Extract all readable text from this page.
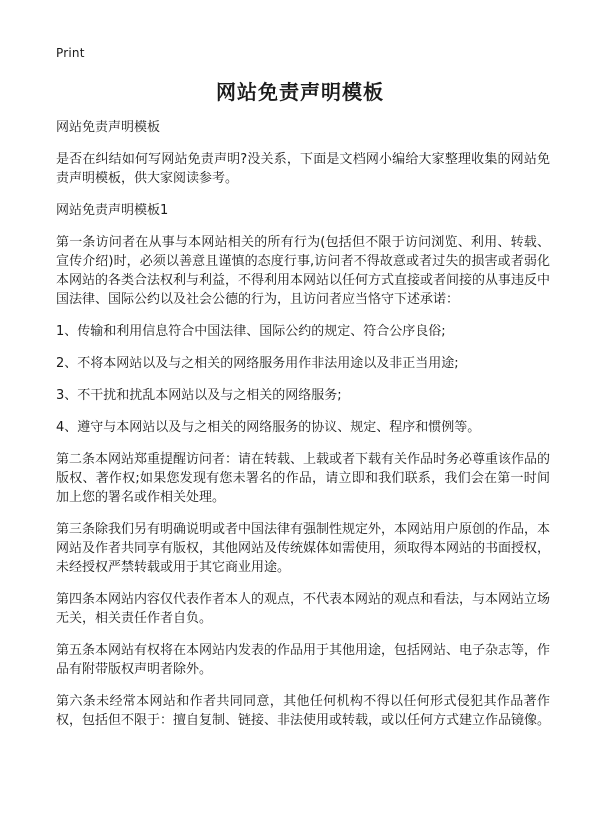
Print
网站免责声明模板

网站免责声明模板

是否在纠结如何写网站免责声明?没关系，下面是文档网小编给大家整理收集的网站免责声明模板，供大家阅读参考。

网站免责声明模板1

第一条访问者在从事与本网站相关的所有行为(包括但不限于访问浏览、利用、转载、宣传介绍)时，必须以善意且谨慎的态度行事,访问者不得故意或者过失的损害或者弱化本网站的各类合法权利与利益，不得利用本网站以任何方式直接或者间接的从事违反中国法律、国际公约以及社会公德的行为，且访问者应当恪守下述承诺：

1、传输和利用信息符合中国法律、国际公约的规定、符合公序良俗;

2、不将本网站以及与之相关的网络服务用作非法用途以及非正当用途;

3、不干扰和扰乱本网站以及与之相关的网络服务;

4、遵守与本网站以及与之相关的网络服务的协议、规定、程序和惯例等。

第二条本网站郑重提醒访问者：请在转载、上载或者下载有关作品时务必尊重该作品的版权、著作权;如果您发现有您未署名的作品，请立即和我们联系，我们会在第一时间加上您的署名或作相关处理。

第三条除我们另有明确说明或者中国法律有强制性规定外，本网站用户原创的作品，本网站及作者共同享有版权，其他网站及传统媒体如需使用，须取得本网站的书面授权，未经授权严禁转载或用于其它商业用途。

第四条本网站内容仅代表作者本人的观点，不代表本网站的观点和看法，与本网站立场无关，相关责任作者自负。

第五条本网站有权将在本网站内发表的作品用于其他用途，包括网站、电子杂志等，作品有附带版权声明者除外。

第六条未经常本网站和作者共同同意，其他任何机构不得以任何形式侵犯其作品著作权，包括但不限于：擅自复制、链接、非法使用或转载，或以任何方式建立作品镜像。
